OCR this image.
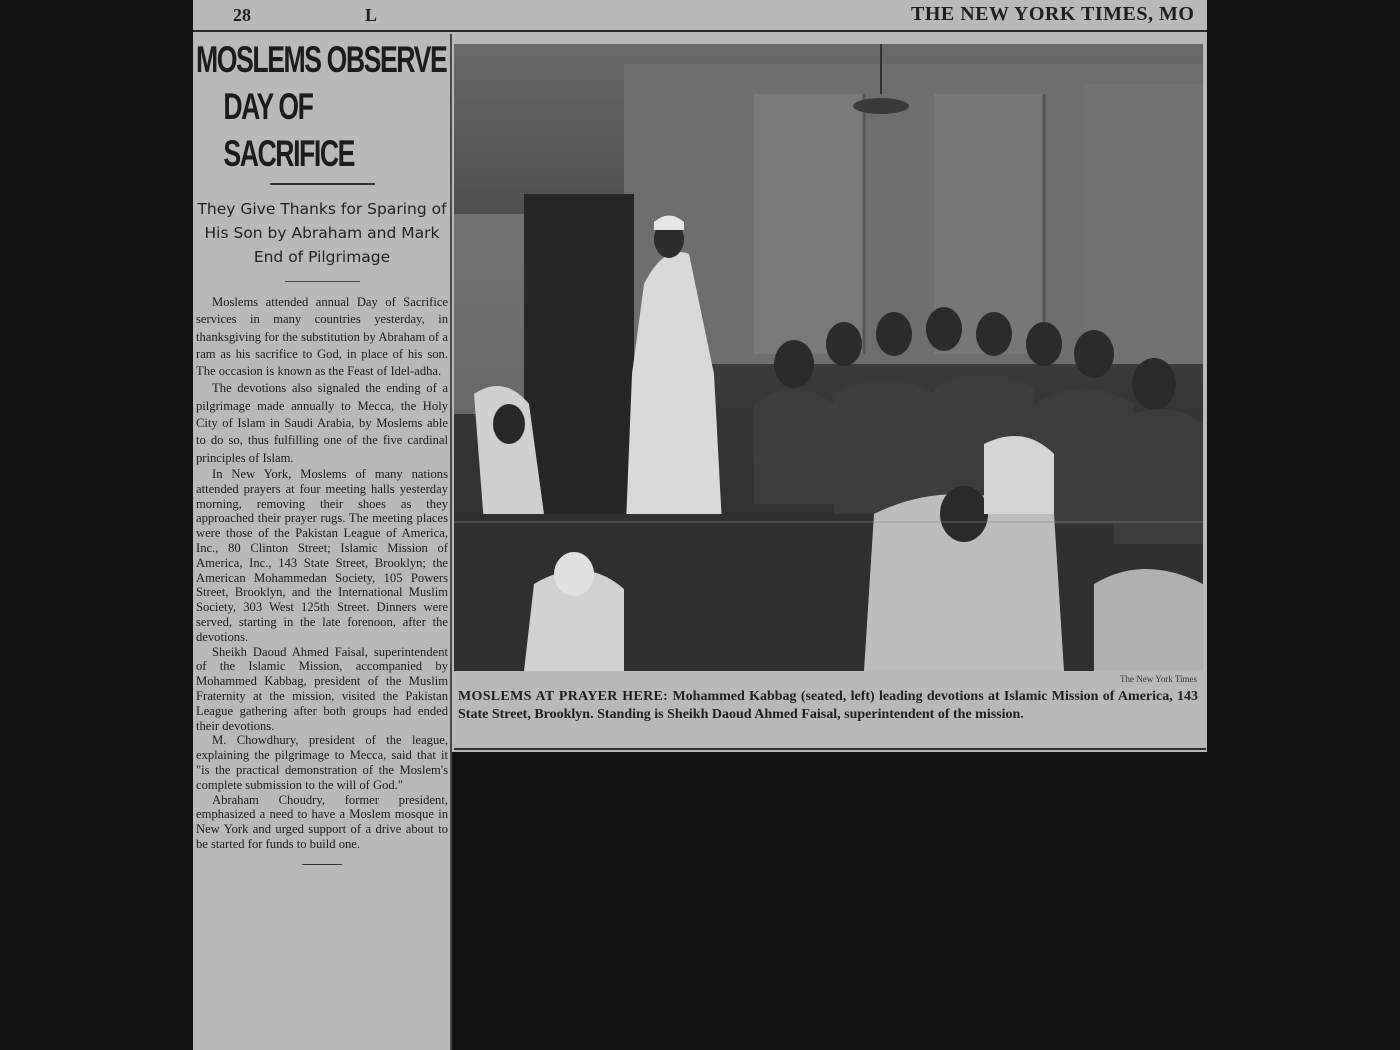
28	L	THE NEW YORK TIMES, MO
MOSLEMS OBSERVE
DAY OF SACRIFICE
They Give Thanks for Sparing of His Son by Abraham and Mark End of Pilgrimage

Moslems attended annual Day of Sacrifice services in many countries yesterday, in thanksgiving for the substitution by Abraham of a ram as his sacrifice to God, in place of his son. The occasion is known as the Feast of Idel-adha.

The devotions also signaled the ending of a pilgrimage made annually to Mecca, the Holy City of Islam in Saudi Arabia, by Moslems able to do so, thus fulfilling one of the five cardinal principles of Islam.

In New York, Moslems of many nations attended prayers at four meeting halls yesterday morning, removing their shoes as they approached their prayer rugs. The meeting places were those of the Pakistan League of America, Inc., 80 Clinton Street; Islamic Mission of America, Inc., 143 State Street, Brooklyn; the American Mohammedan Society, 105 Powers Street, Brooklyn, and the International Muslim Society, 303 West 125th Street. Dinners were served, starting in the late forenoon, after the devotions.

Sheikh Daoud Ahmed Faisal, superintendent of the Islamic Mission, accompanied by Mohammed Kabbag, president of the Muslim Fraternity at the mission, visited the Pakistan League gathering after both groups had ended their devotions.

M. Chowdhury, president of the league, explaining the pilgrimage to Mecca, said that it "is the practical demonstration of the Moslem's complete submission to the will of God."

Abraham Choudry, former president, emphasized a need to have a Moslem mosque in New York and urged support of a drive about to be started for funds to build one.

The New York Times
MOSLEMS AT PRAYER HERE: Mohammed Kabbag (seated, left) leading devotions at Islamic Mission of America, 143 State Street, Brooklyn. Standing is Sheikh Daoud Ahmed Faisal, superintendent of the mission.
